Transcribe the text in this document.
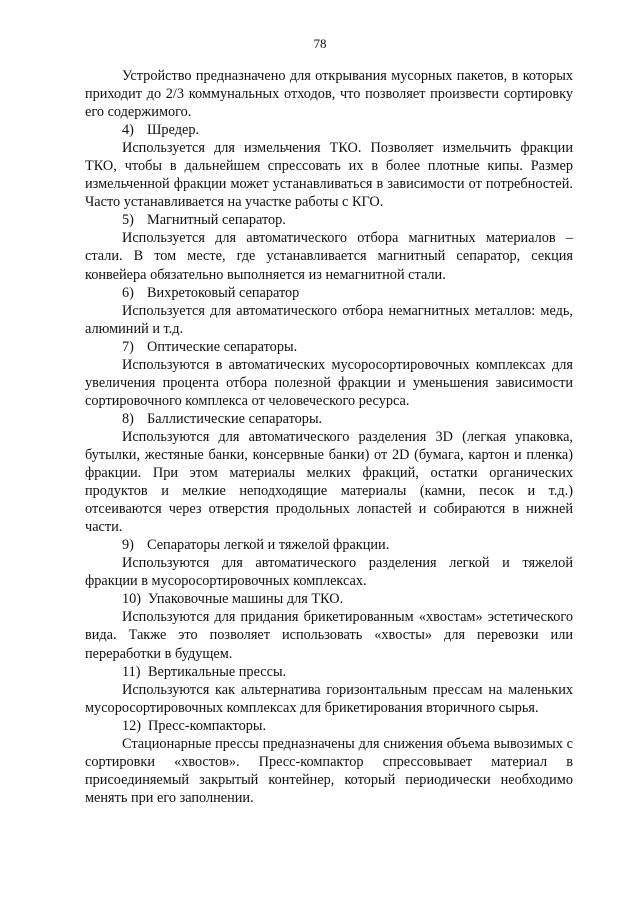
78

Устройство предназначено для открывания мусорных пакетов, в которых приходит до 2/3 коммунальных отходов, что позволяет произвести сортировку его содержимого.

4) Шредер.

Используется для измельчения ТКО. Позволяет измельчить фракции ТКО, чтобы в дальнейшем спрессовать их в более плотные кипы. Размер измельченной фракции может устанавливаться в зависимости от потребностей. Часто устанавливается на участке работы с КГО.

5) Магнитный сепаратор.

Используется для автоматического отбора магнитных материалов – стали. В том месте, где устанавливается магнитный сепаратор, секция конвейера обязательно выполняется из немагнитной стали.

6) Вихретоковый сепаратор

Используется для автоматического отбора немагнитных металлов: медь, алюминий и т.д.

7) Оптические сепараторы.

Используются в автоматических мусоросортировочных комплексах для увеличения процента отбора полезной фракции и уменьшения зависимости сортировочного комплекса от человеческого ресурса.

8) Баллистические сепараторы.

Используются для автоматического разделения 3D (легкая упаковка, бутылки, жестяные банки, консервные банки) от 2D (бумага, картон и пленка) фракции. При этом материалы мелких фракций, остатки органических продуктов и мелкие неподходящие материалы (камни, песок и т.д.) отсеиваются через отверстия продольных лопастей и собираются в нижней части.

9) Сепараторы легкой и тяжелой фракции.

Используются для автоматического разделения легкой и тяжелой фракции в мусоросортировочных комплексах.

10) Упаковочные машины для ТКО.

Используются для придания брикетированным «хвостам» эстетического вида. Также это позволяет использовать «хвосты» для перевозки или переработки в будущем.

11) Вертикальные прессы.

Используются как альтернатива горизонтальным прессам на маленьких мусоросортировочных комплексах для брикетирования вторичного сырья.

12) Пресс-компакторы.

Стационарные прессы предназначены для снижения объема вывозимых с сортировки «хвостов». Пресс-компактор спрессовывает материал в присоединяемый закрытый контейнер, который периодически необходимо менять при его заполнении.
